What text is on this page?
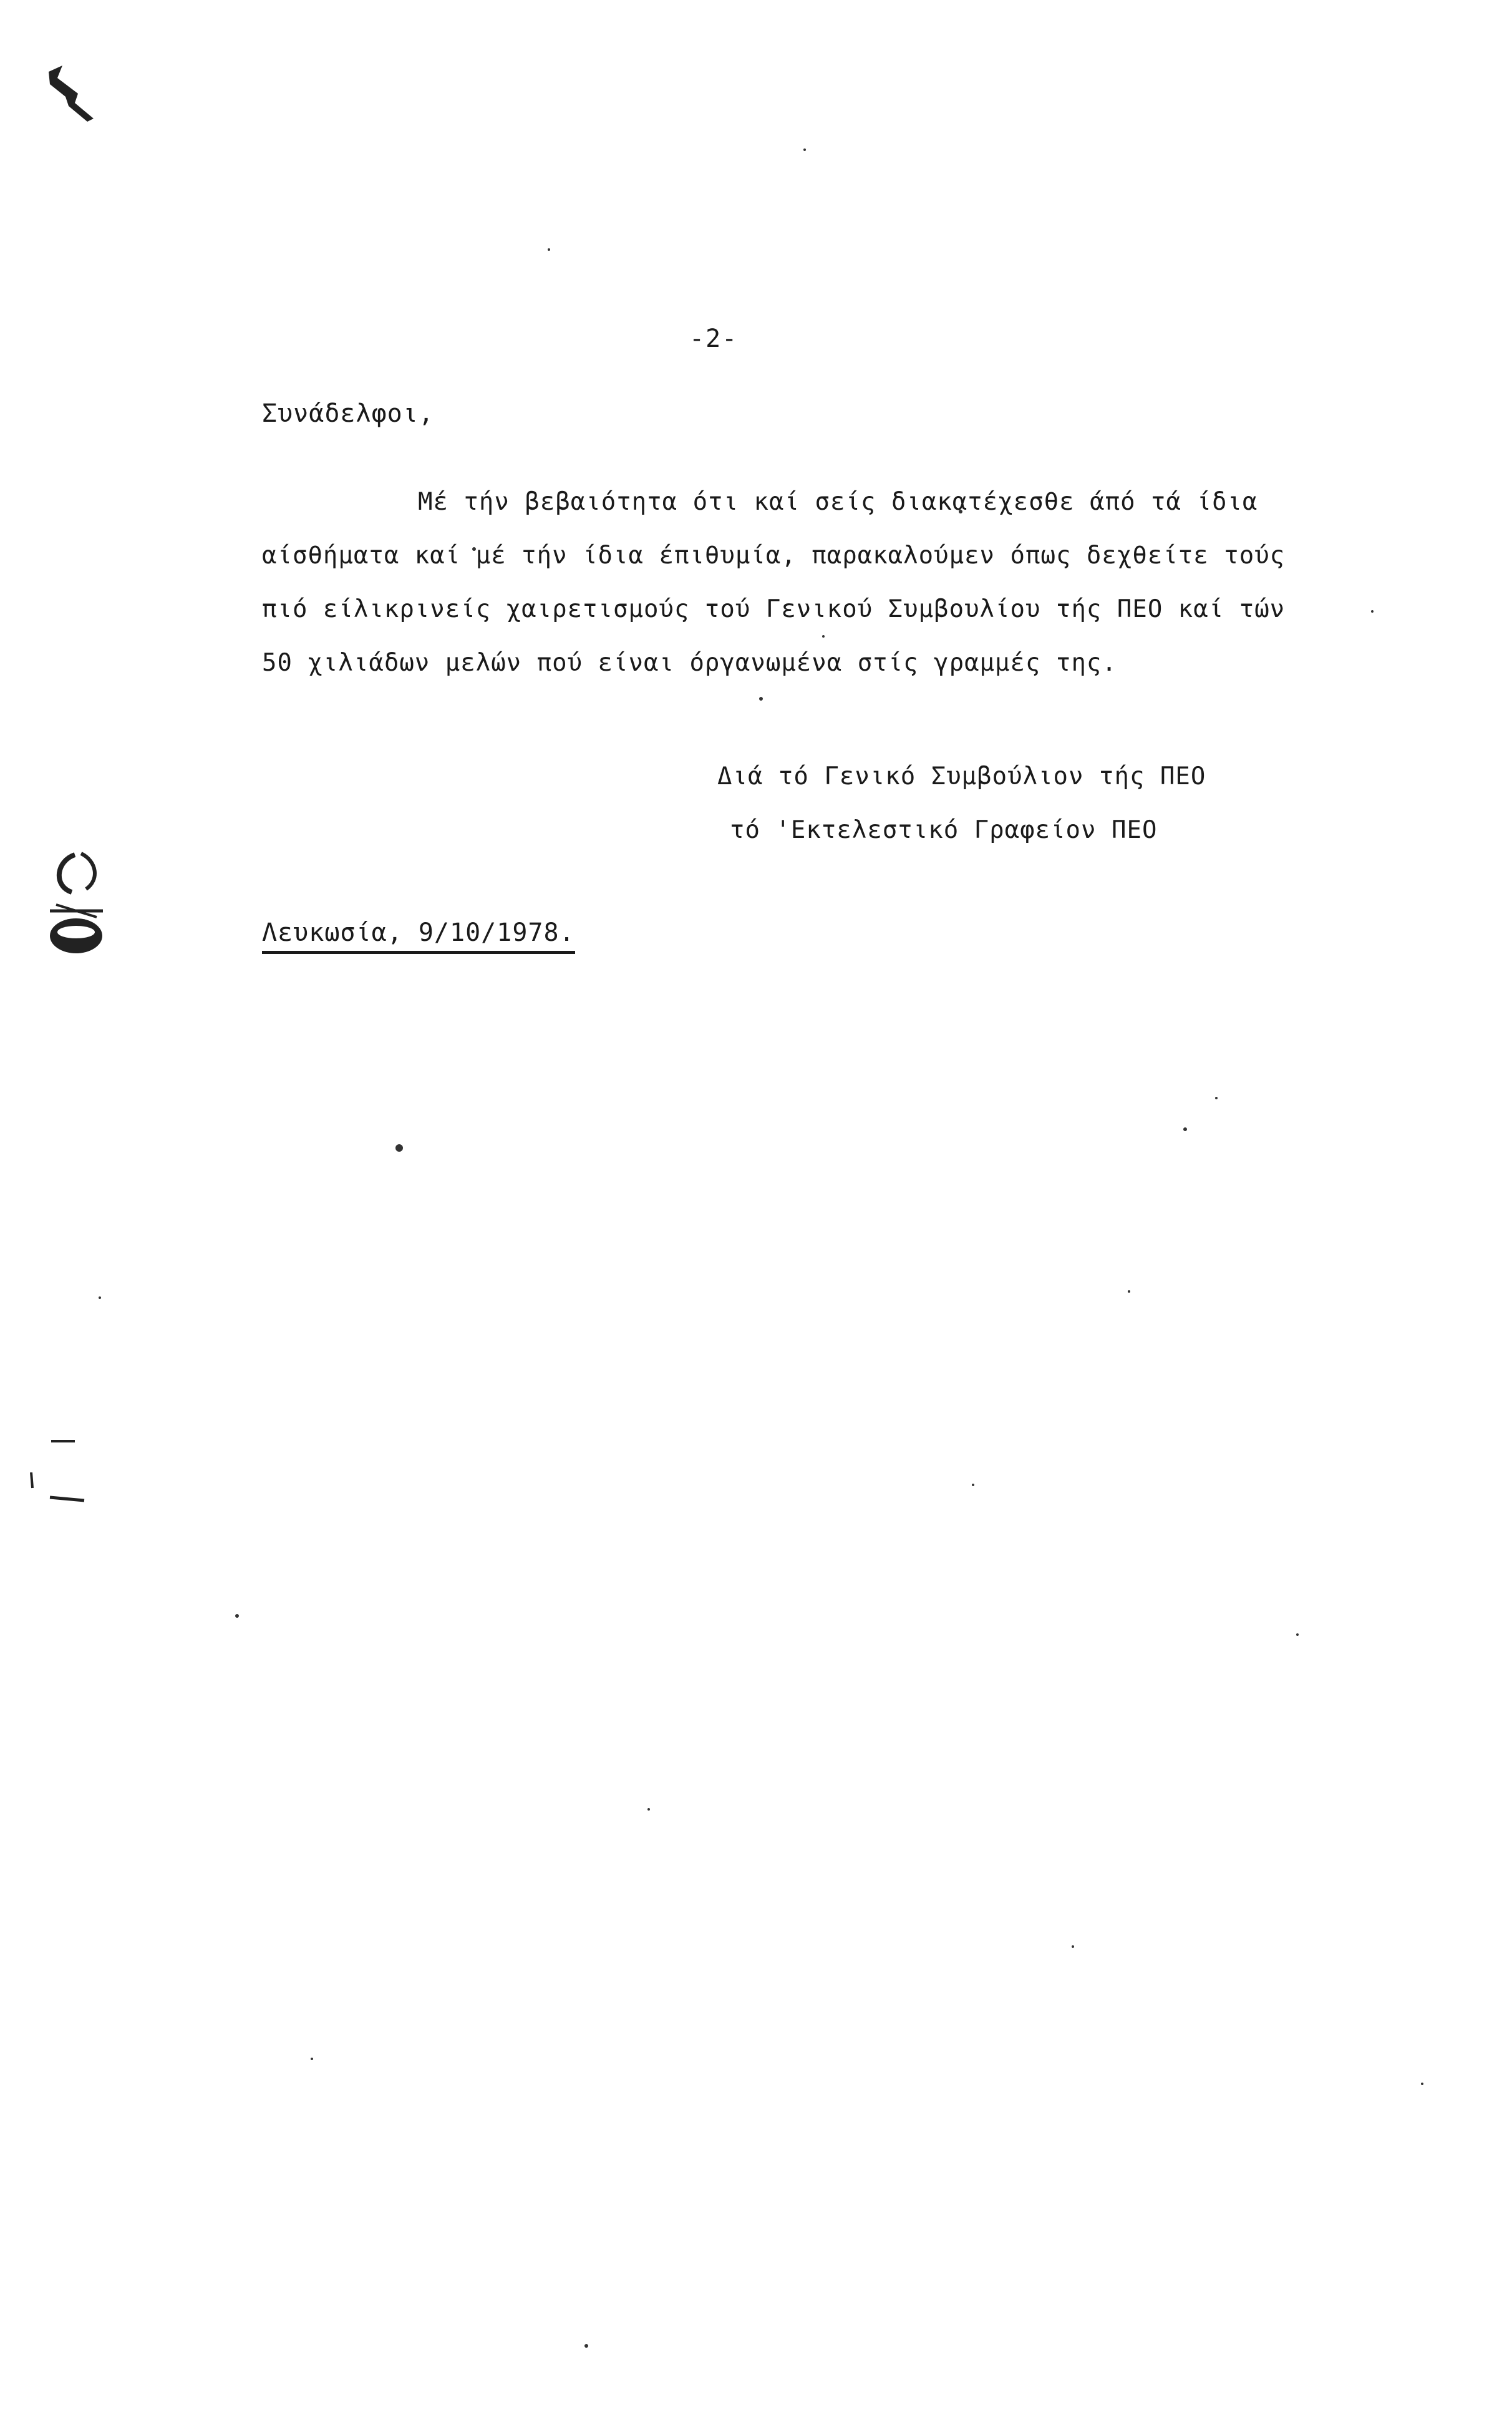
-2-
Συνάδελφοι,
Μέ τήν βεβαιότητα ότι καί σείς διακατέχεσθε άπό τά ίδια
αίσθήματα καί μέ τήν ίδια έπιθυμία, παρακαλούμεν όπως δεχθείτε τούς
πιό είλικρινείς χαιρετισμούς τού Γενικού Συμβουλίου τής ΠΕΟ καί τών
50 χιλιάδων μελών πού είναι όργανωμένα στίς γραμμές της.
Διά τό Γενικό Συμβούλιον τής ΠΕΟ
τό 'Εκτελεστικό Γραφείον ΠΕΟ
Λευκωσία, 9/10/1978.
